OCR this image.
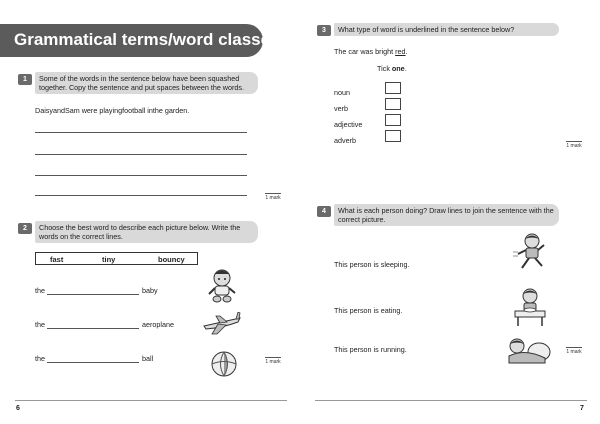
Grammatical terms/word classes
1	Some of the words in the sentence below have been squashed together. Copy the sentence and put spaces between the words.
DaisyandSam were playingfootball inthe garden.
1 mark
2	Choose the best word to describe each picture below. Write the words on the correct lines.
fast	tiny	bouncy
the	baby
the	aeroplane
the	ball	1 mark
6
3	What type of word is underlined in the sentence below?
The car was bright red.
Tick one.
noun
verb
adjective
adverb
1 mark
4	What is each person doing? Draw lines to join the sentence with the correct picture.
This person is sleeping.
This person is eating.
This person is running.	1 mark
7
